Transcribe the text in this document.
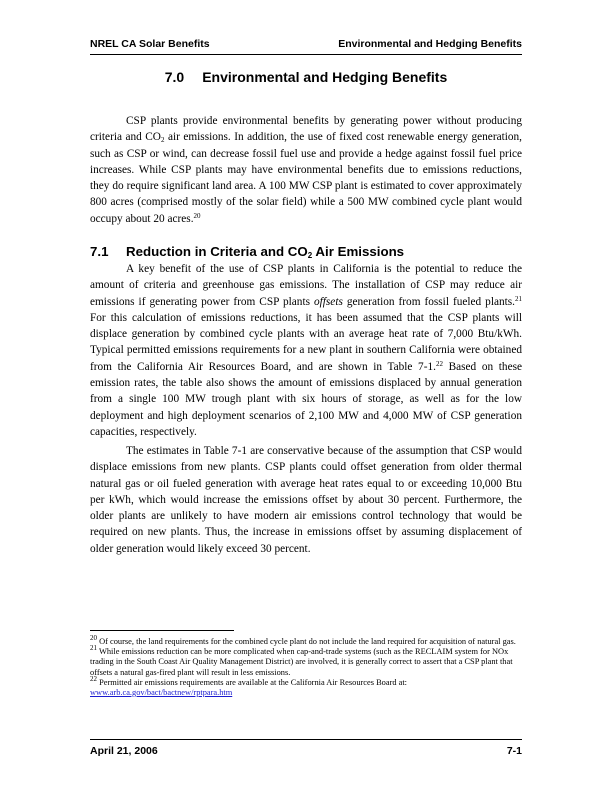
NREL CA Solar Benefits	Environmental and Hedging Benefits
7.0 Environmental and Hedging Benefits

CSP plants provide environmental benefits by generating power without producing criteria and $CO_2$ air emissions. In addition, the use of fixed cost renewable energy generation, such as CSP or wind, can decrease fossil fuel use and provide a hedge against fossil fuel price increases. While CSP plants may have environmental benefits due to emissions reductions, they do require significant land area. A 100 MW CSP plant is estimated to cover approximately 800 acres (comprised mostly of the solar field) while a 500 MW combined cycle plant would occupy about 20 acres.$^{20}$

7.1 Reduction in Criteria and $CO_2$ Air Emissions

A key benefit of the use of CSP plants in California is the potential to reduce the amount of criteria and greenhouse gas emissions. The installation of CSP may reduce air emissions if generating power from CSP plants offsets generation from fossil fueled plants.$^{21}$ For this calculation of emissions reductions, it has been assumed that the CSP plants will displace generation by combined cycle plants with an average heat rate of 7,000 Btu/kWh. Typical permitted emissions requirements for a new plant in southern California were obtained from the California Air Resources Board, and are shown in Table 7-1.22 Based on these emission rates, the table also shows the amount of emissions displaced by annual generation from a single 100 MW trough plant with six hours of storage, as well as for the low deployment and high deployment scenarios of 2,100 MW and 4,000 MW of CSP generation capacities, respectively.

The estimates in Table 7-1 are conservative because of the assumption that CSP would displace emissions from new plants. CSP plants could offset generation from older thermal natural gas or oil fueled generation with average heat rates equal to or exceeding 10,000 Btu per kWh, which would increase the emissions offset by about 30 percent. Furthermore, the older plants are unlikely to have modern air emissions control technology that would be required on new plants. Thus, the increase in emissions offset by assuming displacement of older generation would likely exceed 30 percent.

$^{20}$ Of course, the land requirements for the combined cycle plant do not include the land required for acquisition of natural gas.

$^{21}$ While emissions reduction can be more complicated when cap-and-trade systems (such as the RECLAIM system for NOx trading in the South Coast Air Quality Management District) are involved, it is generally correct to assert that a CSP plant that offsets a natural gas-fired plant will result in less emissions.

$^{22}$ Permitted air emissions requirements are available at the California Air Resources Board at:
www.arb.ca.gov/bact/bactnew/rptpara.htm

April 21, 2006	7-1
